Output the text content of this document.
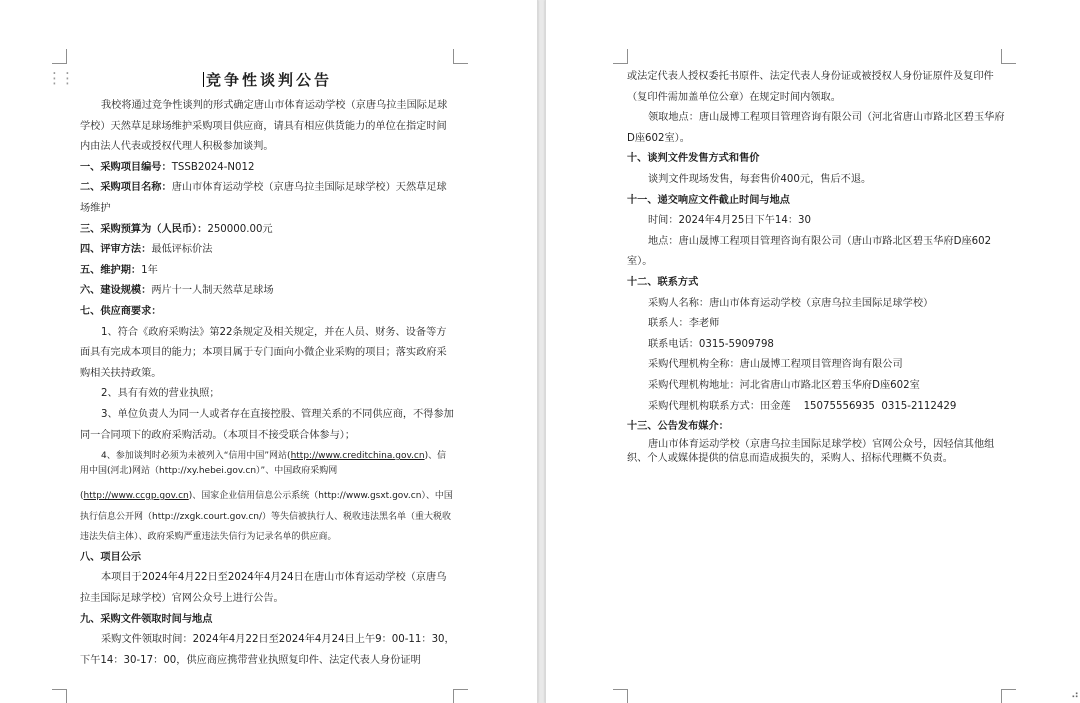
⋮⋮	竞争性谈判公告

我校将通过竞争性谈判的形式确定唐山市体育运动学校（京唐乌拉圭国际足球学校）天然草足球场维护采购项目供应商，请具有相应供货能力的单位在指定时间内由法人代表或授权代理人积极参加谈判。

一、采购项目编号：TSSB2024-N012

二、采购项目名称：唐山市体育运动学校（京唐乌拉圭国际足球学校）天然草足球场维护

三、采购预算为（人民币）：250000.00元

四、评审方法：最低评标价法

五、维护期：1年

六、建设规模：两片十一人制天然草足球场

七、供应商要求：

1、符合《政府采购法》第22条规定及相关规定，并在人员、财务、设备等方面具有完成本项目的能力；本项目属于专门面向小微企业采购的项目；落实政府采购相关扶持政策。

2、具有有效的营业执照；

3、单位负责人为同一人或者存在直接控股、管理关系的不同供应商，不得参加同一合同项下的政府采购活动。（本项目不接受联合体参与）；

4、参加谈判时必须为未被列入“信用中国”网站(http://www.creditchina.gov.cn)、信用中国(河北)网站（http://xy.hebei.gov.cn）”、中国政府采购网

(http://www.ccgp.gov.cn)、国家企业信用信息公示系统（http://www.gsxt.gov.cn）、中国执行信息公开网（http://zxgk.court.gov.cn/）等失信被执行人、税收违法黑名单（重大税收违法失信主体）、政府采购严重违法失信行为记录名单的供应商。

八、项目公示

本项目于2024年4月22日至2024年4月24日在唐山市体育运动学校（京唐乌拉圭国际足球学校）官网公众号上进行公告。

九、采购文件领取时间与地点

采购文件领取时间：2024年4月22日至2024年4月24日上午9：00-11：30，下午14：30-17：00，供应商应携带营业执照复印件、法定代表人身份证明

或法定代表人授权委托书原件、法定代表人身份证或被授权人身份证原件及复印件（复印件需加盖单位公章）在规定时间内领取。

领取地点：唐山晟博工程项目管理咨询有限公司（河北省唐山市路北区碧玉华府D座602室）。

十、谈判文件发售方式和售价

谈判文件现场发售，每套售价400元，售后不退。

十一、递交响应文件截止时间与地点

时间：2024年4月25日下午14：30

地点：唐山晟博工程项目管理咨询有限公司（唐山市路北区碧玉华府D座602室）。

十二、联系方式

采购人名称：唐山市体育运动学校（京唐乌拉圭国际足球学校）

联系人：李老师

联系电话：0315-5909798

采购代理机构全称：唐山晟博工程项目管理咨询有限公司

采购代理机构地址：河北省唐山市路北区碧玉华府D座602室

采购代理机构联系方式：田金莲    15075556935  0315-2112429

十三、公告发布媒介：

唐山市体育运动学校（京唐乌拉圭国际足球学校）官网公众号，因轻信其他组织、个人或媒体提供的信息而造成损失的，采购人、招标代理概不负责。

⠴
